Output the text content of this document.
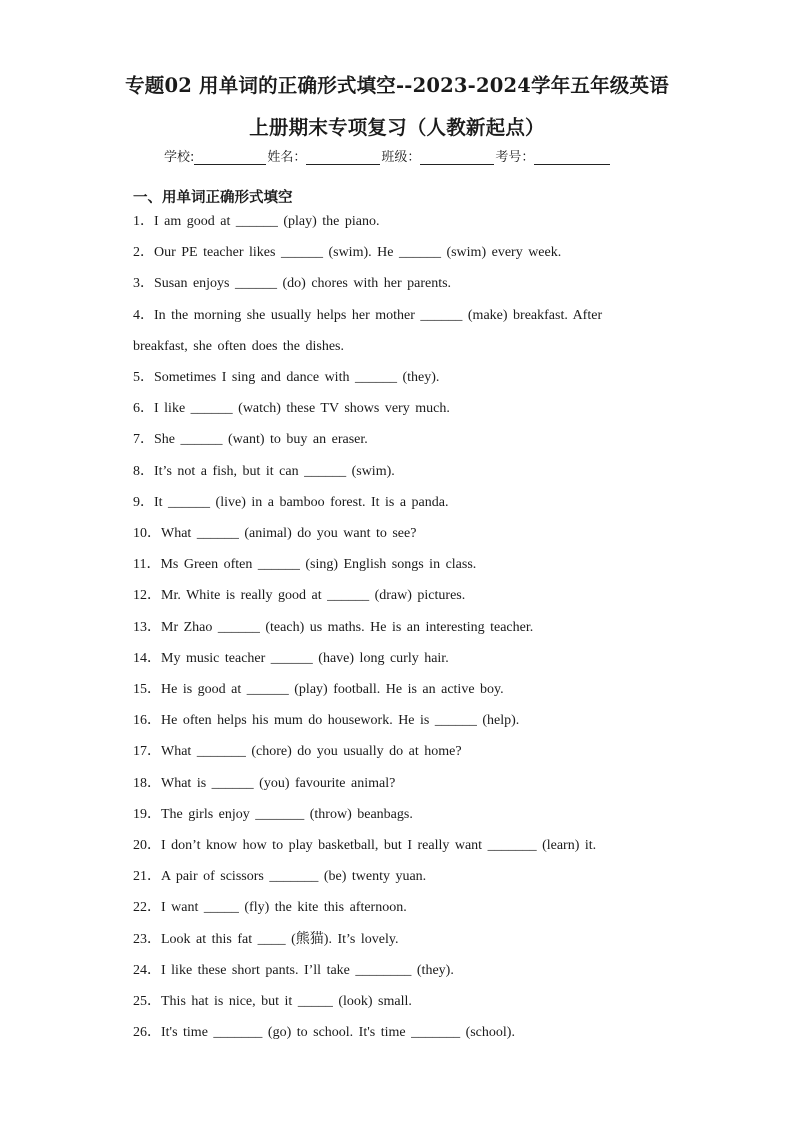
专题02 用单词的正确形式填空--2023-2024学年五年级英语
上册期末专项复习（人教新起点）
学校:	姓名：	班级：	考号：
一、用单词正确形式填空
1．I am good at ______ (play) the piano.
2．Our PE teacher likes ______ (swim). He ______ (swim) every week.
3．Susan enjoys ______ (do) chores with her parents.
4．In the morning she usually helps her mother ______ (make) breakfast. After
breakfast, she often does the dishes.
5．Sometimes I sing and dance with ______ (they).
6．I like ______ (watch) these TV shows very much.
7．She ______ (want) to buy an eraser.
8．It’s not a fish, but it can ______ (swim).
9．It ______ (live) in a bamboo forest. It is a panda.
10．What ______ (animal) do you want to see?
11．Ms Green often ______ (sing) English songs in class.
12．Mr. White is really good at ______ (draw) pictures.
13．Mr Zhao ______ (teach) us maths. He is an interesting teacher.
14．My music teacher ______ (have) long curly hair.
15．He is good at ______ (play) football. He is an active boy.
16．He often helps his mum do housework. He is ______ (help).
17．What _______ (chore) do you usually do at home?
18．What is ______ (you) favourite animal?
19．The girls enjoy _______ (throw) beanbags.
20．I don’t know how to play basketball, but I really want _______ (learn) it.
21．A pair of scissors _______ (be) twenty yuan.
22．I want _____ (fly) the kite this afternoon.
23．Look at this fat ____ (熊猫). It’s lovely.
24．I like these short pants. I’ll take ________ (they).
25．This hat is nice, but it _____ (look) small.
26．It's time _______ (go) to school. It's time _______ (school).
